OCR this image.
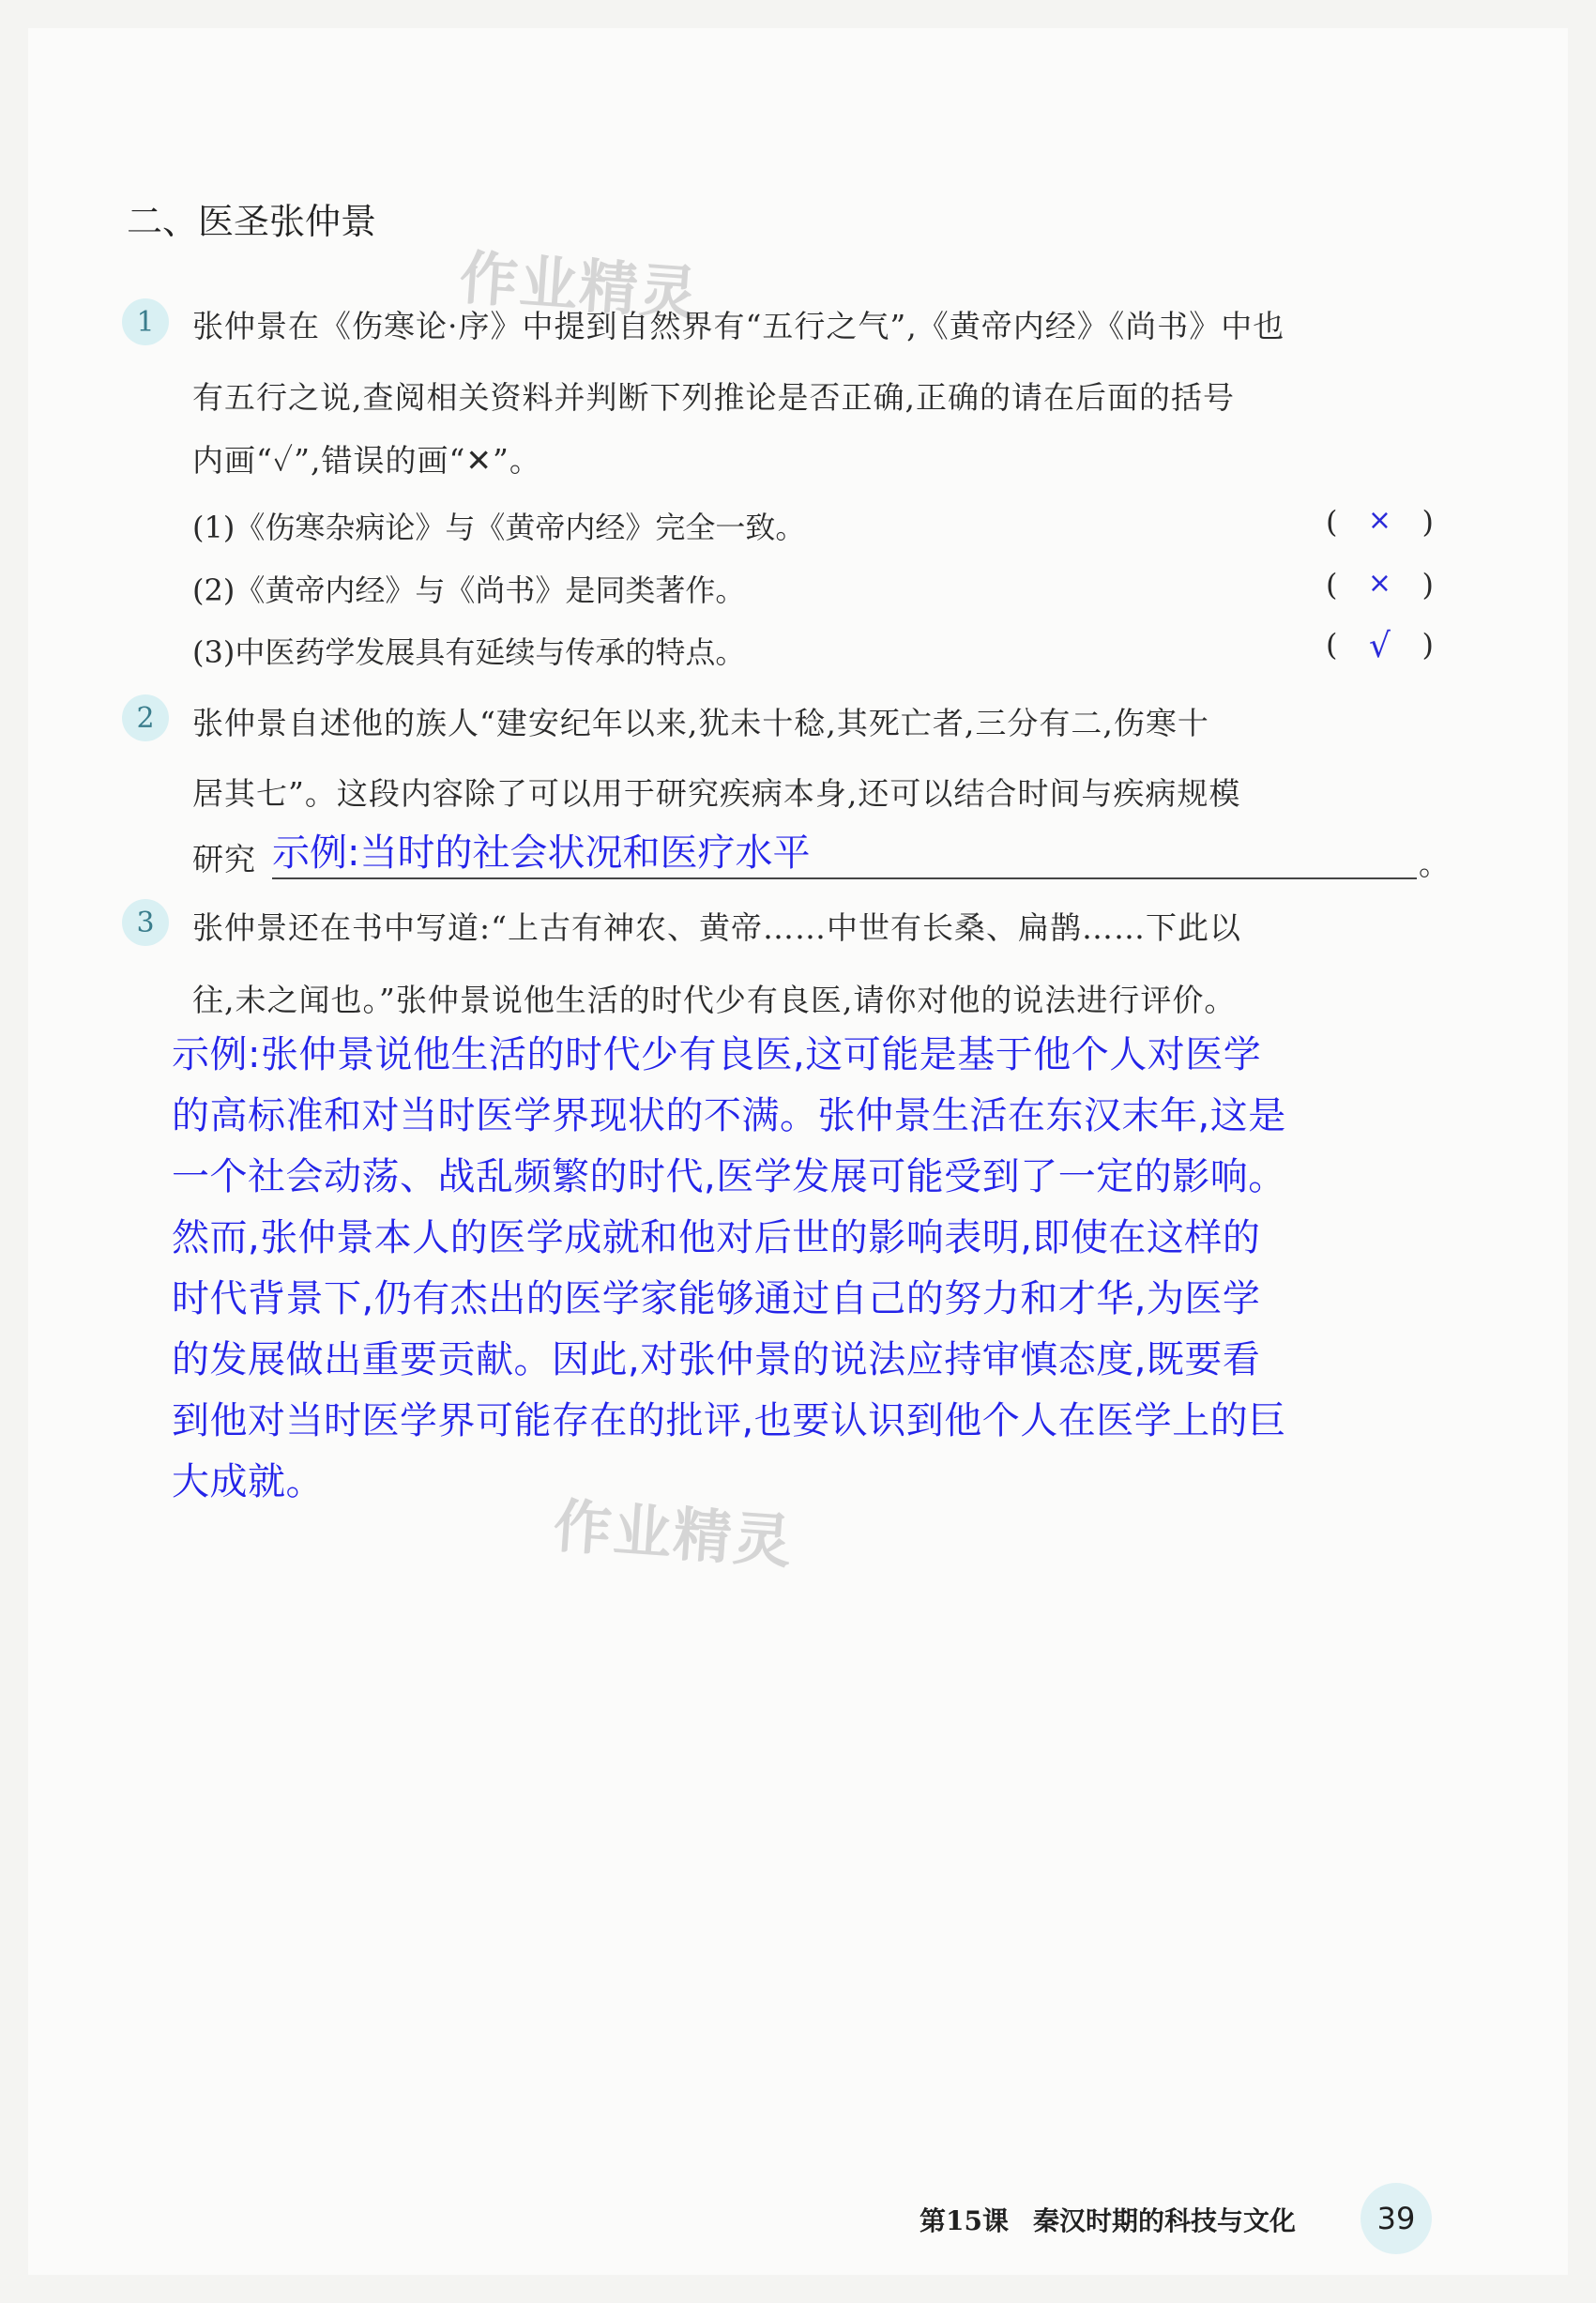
二、医圣张仲景
作业精灵
作业精灵
1	张仲景在《伤寒论·序》中提到自然界有“五行之气”,《黄帝内经》《尚书》中也
有五行之说,查阅相关资料并判断下列推论是否正确,正确的请在后面的括号
内画“✓”,错误的画“✕”。
(1)《伤寒杂病论》与《黄帝内经》完全一致。	( × )
(2)《黄帝内经》与《尚书》是同类著作。	( × )
(3)中医药学发展具有延续与传承的特点。	( √ )
2	张仲景自述他的族人“建安纪年以来,犹未十稔,其死亡者,三分有二,伤寒十
居其七”。这段内容除了可以用于研究疾病本身,还可以结合时间与疾病规模
研究 示例:当时的社会状况和医疗水平	。
3	张仲景还在书中写道:“上古有神农、黄帝……中世有长桑、扁鹊……下此以
往,未之闻也。”张仲景说他生活的时代少有良医,请你对他的说法进行评价。
示例:张仲景说他生活的时代少有良医,这可能是基于他个人对医学
的高标准和对当时医学界现状的不满。张仲景生活在东汉末年,这是
一个社会动荡、战乱频繁的时代,医学发展可能受到了一定的影响。
然而,张仲景本人的医学成就和他对后世的影响表明,即使在这样的
时代背景下,仍有杰出的医学家能够通过自己的努力和才华,为医学
的发展做出重要贡献。因此,对张仲景的说法应持审慎态度,既要看
到他对当时医学界可能存在的批评,也要认识到他个人在医学上的巨
大成就。
第15课 秦汉时期的科技与文化	39
